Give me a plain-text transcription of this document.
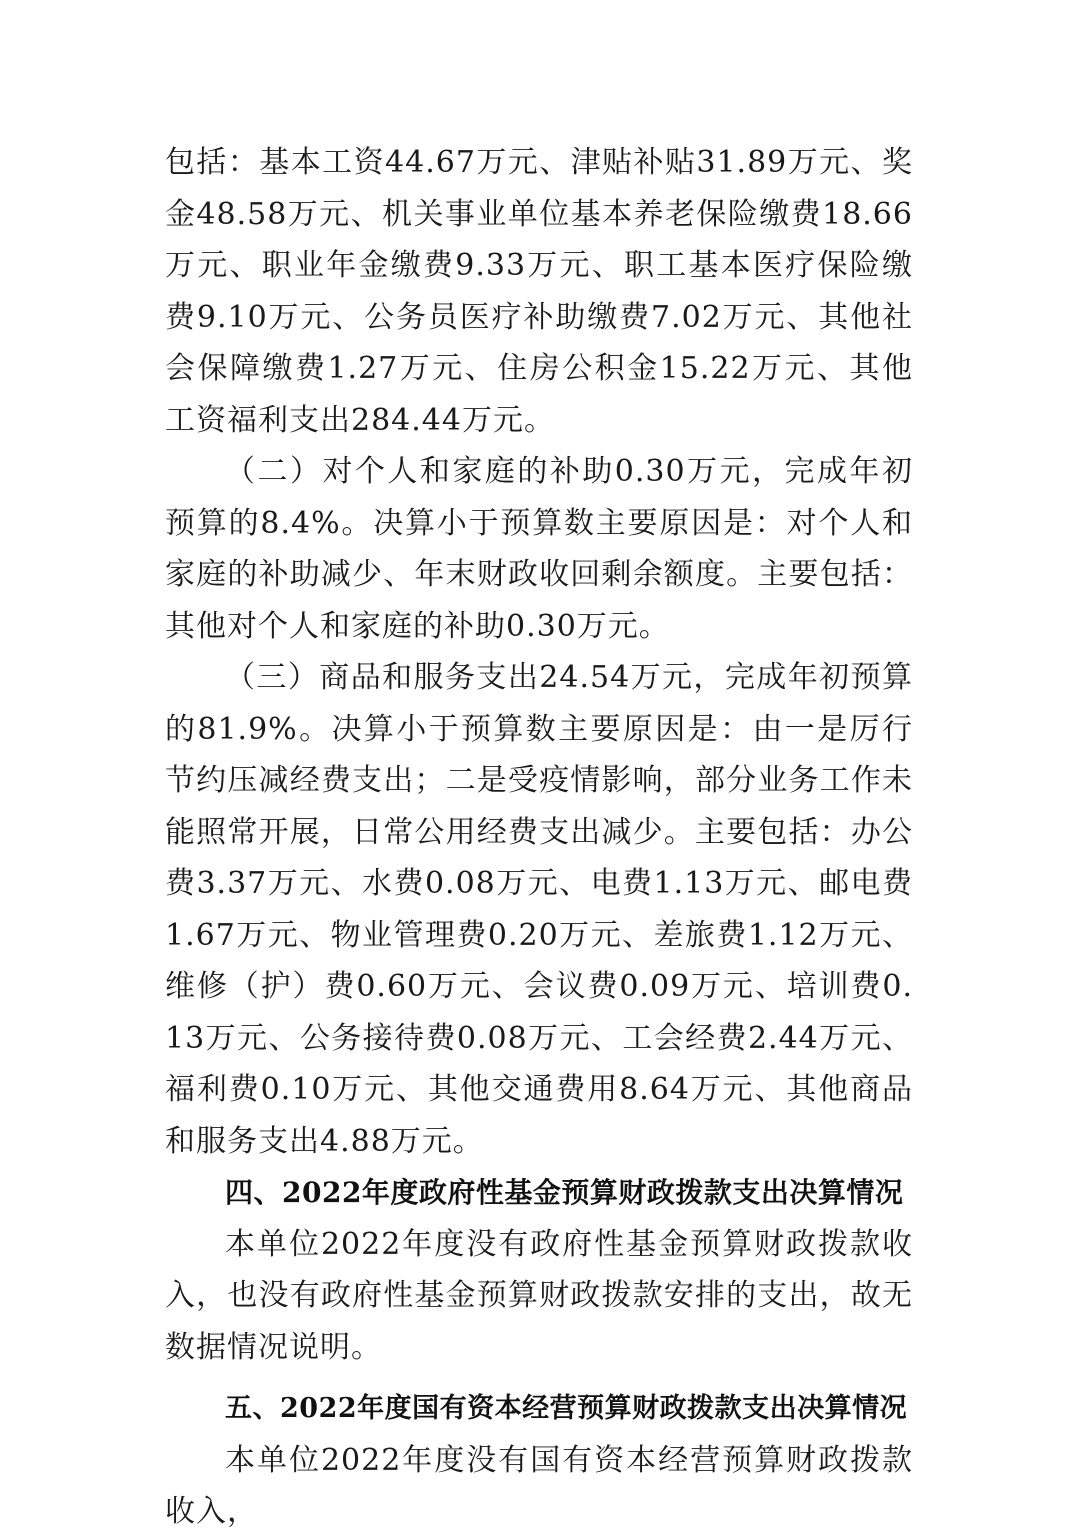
包括：基本工资44.67万元、津贴补贴31.89万元、奖金48.58万元、机关事业单位基本养老保险缴费18.66万元、职业年金缴费9.33万元、职工基本医疗保险缴费9.10万元、公务员医疗补助缴费7.02万元、其他社会保障缴费1.27万元、住房公积金15.22万元、其他工资福利支出284.44万元。

（二）对个人和家庭的补助0.30万元，完成年初预算的8.4%。决算小于预算数主要原因是：对个人和家庭的补助减少、年末财政收回剩余额度。主要包括：其他对个人和家庭的补助0.30万元。

（三）商品和服务支出24.54万元，完成年初预算的81.9%。决算小于预算数主要原因是：由一是厉行节约压减经费支出；二是受疫情影响，部分业务工作未能照常开展，日常公用经费支出减少。主要包括：办公费3.37万元、水费0.08万元、电费1.13万元、邮电费1.67万元、物业管理费0.20万元、差旅费1.12万元、维修（护）费0.60万元、会议费0.09万元、培训费0.13万元、公务接待费0.08万元、工会经费2.44万元、福利费0.10万元、其他交通费用8.64万元、其他商品和服务支出4.88万元。

四、2022年度政府性基金预算财政拨款支出决算情况

本单位2022年度没有政府性基金预算财政拨款收入，也没有政府性基金预算财政拨款安排的支出，故无数据情况说明。

五、2022年度国有资本经营预算财政拨款支出决算情况

本单位2022年度没有国有资本经营预算财政拨款收入，
